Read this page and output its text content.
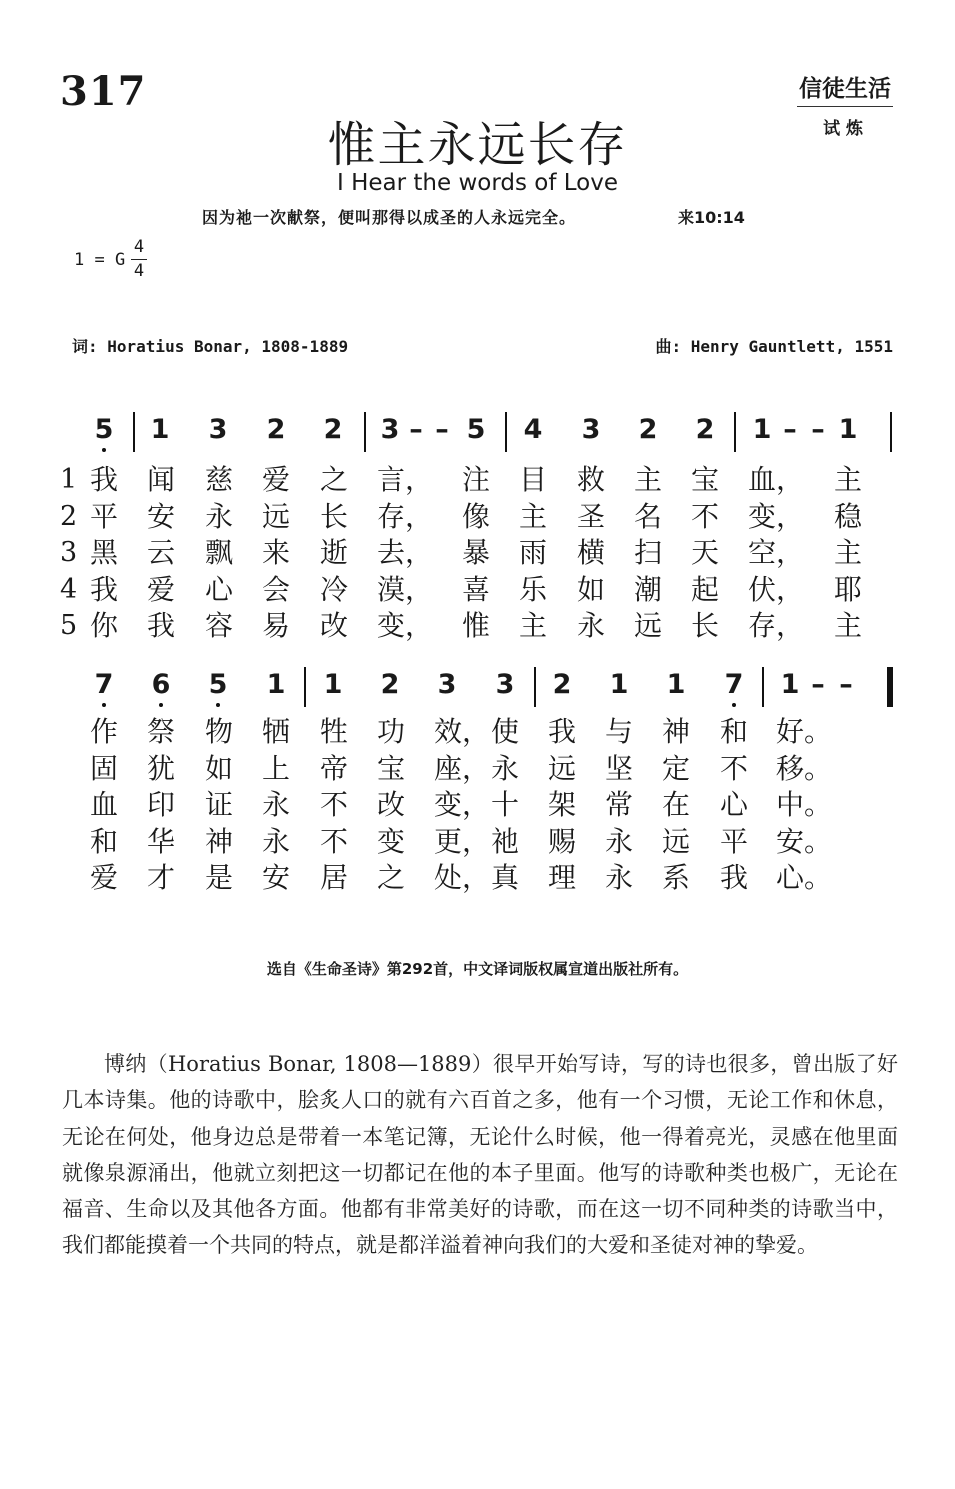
317	信徒生活
试 炼
惟主永远长存
I Hear the words of Love
因为祂一次献祭，便叫那得以成圣的人永远完全。	来10:14
1 = G
4
4
词: Horatius Bonar, 1808-1889	曲: Henry Gauntlett, 1551
5 1 3 2 2 3 – – 5 4 3 2 2 1 – – 1
1 我	闻	慈	爱	之	言， 注	目	救	主	宝	血， 主
2 平	安	永	远	长	存， 像	主	圣	名	不	变， 稳
3 黑	云	飘	来	逝	去， 暴	雨	横	扫	天	空， 主
4 我	爱	心	会	冷	漠， 喜	乐	如	潮	起	伏， 耶
5 你	我	容	易	改	变， 惟	主	永	远	长	存， 主
7 6 5 1 1 2 3 3 2 1 1 7 1 – –
作	祭	物	牺	牲	功	效， 使	我	与	神	和 好。
固	犹	如	上	帝	宝	座， 永	远	坚	定	不 移。
血	印	证	永	不	改	变， 十	架	常	在	心 中。
和	华	神	永	不	变	更， 祂	赐	永	远	平 安。
爱	才	是	安	居	之	处， 真	理	永	系	我 心。
选自《生命圣诗》第292首，中文译词版权属宣道出版社所有。
博纳（Horatius Bonar, 1808—1889）很早开始写诗，写的诗也很多，曾出版了好几本诗集。他的诗歌中，脍炙人口的就有六百首之多，他有一个习惯，无论工作和休息，无论在何处，他身边总是带着一本笔记簿，无论什么时候，他一得着亮光，灵感在他里面就像泉源涌出，他就立刻把这一切都记在他的本子里面。他写的诗歌种类也极广，无论在福音、生命以及其他各方面。他都有非常美好的诗歌，而在这一切不同种类的诗歌当中，我们都能摸着一个共同的特点，就是都洋溢着神向我们的大爱和圣徒对神的挚爱。
